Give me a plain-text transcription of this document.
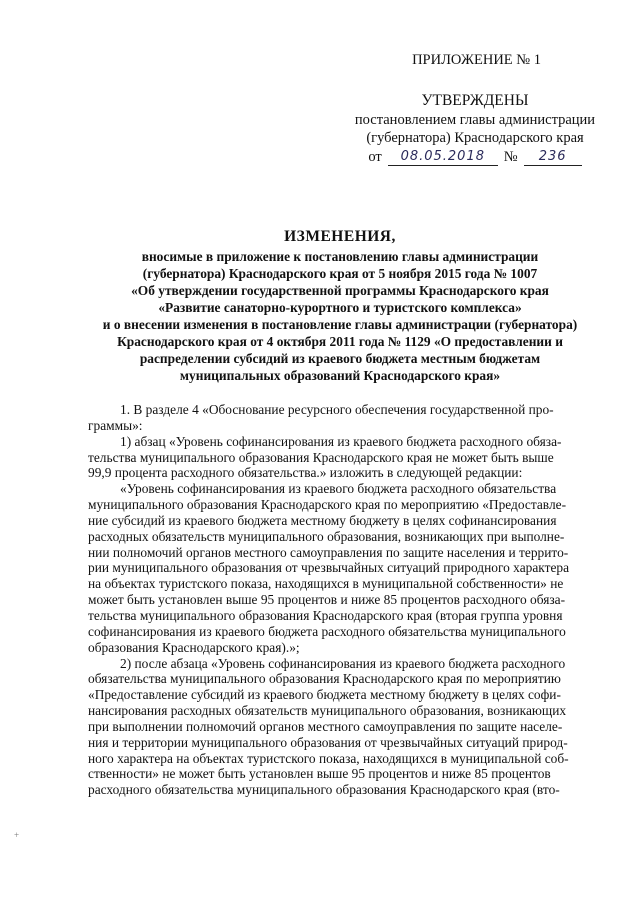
ПРИЛОЖЕНИЕ № 1
УТВЕРЖДЕНЫ
постановлением главы администрации
(губернатора) Краснодарского края
от	08.05.2018	№	236
ИЗМЕНЕНИЯ,
вносимые в приложение к постановлению главы администрации
(губернатора) Краснодарского края от 5 ноября 2015 года № 1007
«Об утверждении государственной программы Краснодарского края
«Развитие санаторно-курортного и туристского комплекса»
и о внесении изменения в постановление главы администрации (губернатора)
Краснодарского края от 4 октября 2011 года № 1129 «О предоставлении и
распределении субсидий из краевого бюджета местным бюджетам
муниципальных образований Краснодарского края»
1. В разделе 4 «Обоснование ресурсного обеспечения государственной про-
граммы»:
1) абзац «Уровень софинансирования из краевого бюджета расходного обяза-
тельства муниципального образования Краснодарского края не может быть выше
99,9 процента расходного обязательства.» изложить в следующей редакции:
«Уровень софинансирования из краевого бюджета расходного обязательства
муниципального образования Краснодарского края по мероприятию «Предоставле-
ние субсидий из краевого бюджета местному бюджету в целях софинансирования
расходных обязательств муниципального образования, возникающих при выполне-
нии полномочий органов местного самоуправления по защите населения и террито-
рии муниципального образования от чрезвычайных ситуаций природного характера
на объектах туристского показа, находящихся в муниципальной собственности» не
может быть установлен выше 95 процентов и ниже 85 процентов расходного обяза-
тельства муниципального образования Краснодарского края (вторая группа уровня
софинансирования из краевого бюджета расходного обязательства муниципального
образования Краснодарского края).»;
2) после абзаца «Уровень софинансирования из краевого бюджета расходного
обязательства муниципального образования Краснодарского края по мероприятию
«Предоставление субсидий из краевого бюджета местному бюджету в целях софи-
нансирования расходных обязательств муниципального образования, возникающих
при выполнении полномочий органов местного самоуправления по защите населе-
ния и территории муниципального образования от чрезвычайных ситуаций природ-
ного характера на объектах туристского показа, находящихся в муниципальной соб-
ственности» не может быть установлен выше 95 процентов и ниже 85 процентов
расходного обязательства муниципального образования Краснодарского края (вто-
+
